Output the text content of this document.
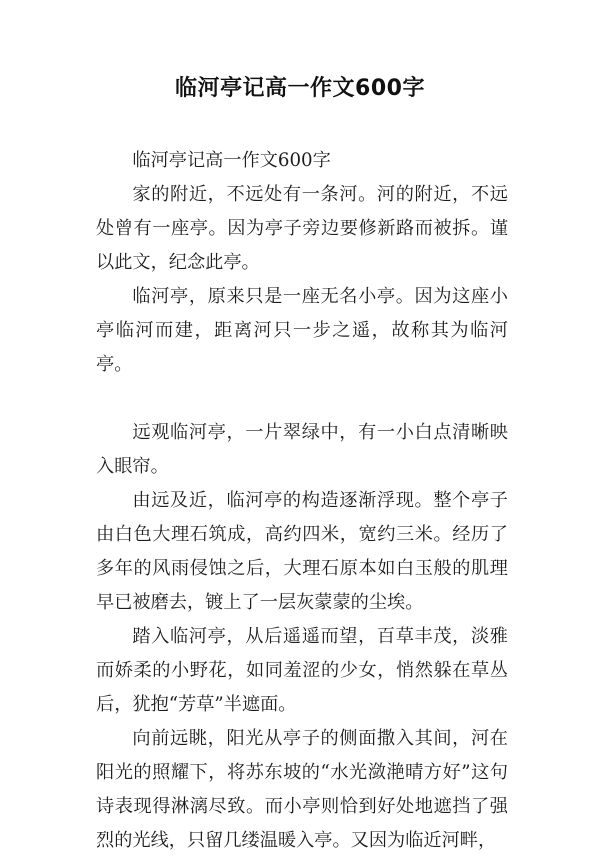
临河亭记高一作文600字

临河亭记高一作文600字

家的附近，不远处有一条河。河的附近，不远处曾有一座亭。因为亭子旁边要修新路而被拆。谨以此文，纪念此亭。

临河亭，原来只是一座无名小亭。因为这座小亭临河而建，距离河只一步之遥，故称其为临河亭。

远观临河亭，一片翠绿中，有一小白点清晰映入眼帘。

由远及近，临河亭的构造逐渐浮现。整个亭子由白色大理石筑成，高约四米，宽约三米。经历了多年的风雨侵蚀之后，大理石原本如白玉般的肌理早已被磨去，镀上了一层灰蒙蒙的尘埃。

踏入临河亭，从后遥遥而望，百草丰茂，淡雅而娇柔的小野花，如同羞涩的少女，悄然躲在草丛后，犹抱“芳草”半遮面。

向前远眺，阳光从亭子的侧面撒入其间，河在阳光的照耀下，将苏东坡的“水光潋滟晴方好”这句诗表现得淋漓尽致。而小亭则恰到好处地遮挡了强烈的光线，只留几缕温暖入亭。又因为临近河畔，
